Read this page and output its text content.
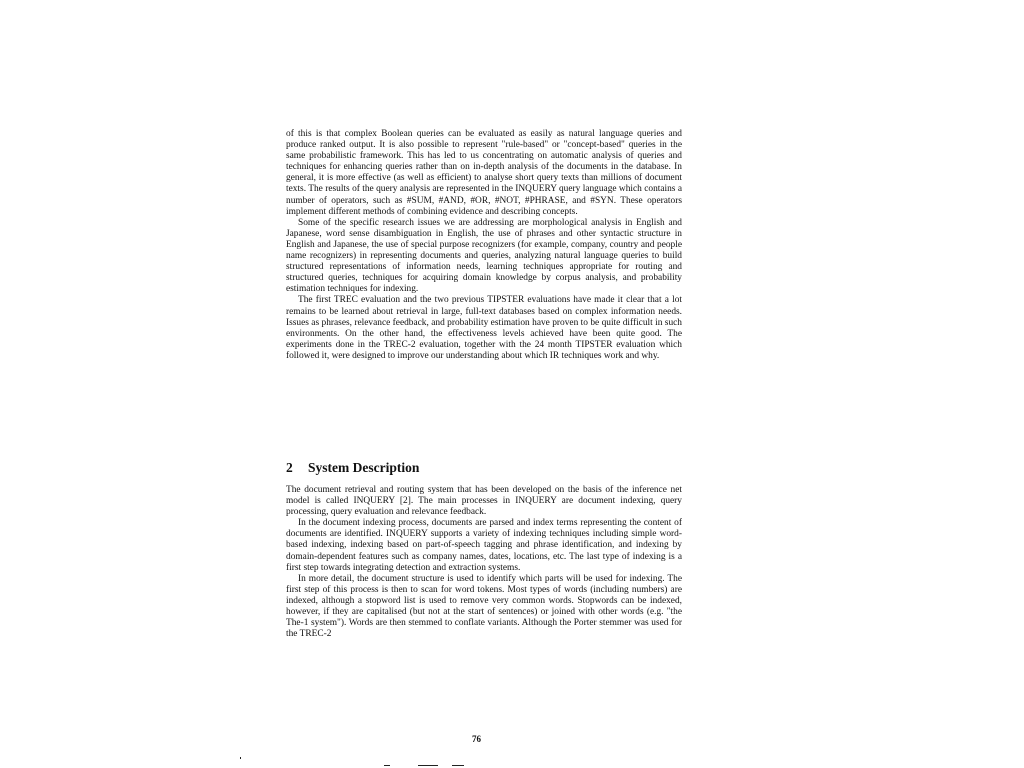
of this is that complex Boolean queries can be evaluated as easily as natural language queries and produce ranked output. It is also possible to represent "rule-based" or "concept-based" queries in the same probabilistic framework. This has led to us concentrating on automatic analysis of queries and techniques for enhancing queries rather than on in-depth analysis of the documents in the database. In general, it is more effective (as well as efficient) to analyse short query texts than millions of document texts. The results of the query analysis are represented in the INQUERY query language which contains a number of operators, such as #SUM, #AND, #OR, #NOT, #PHRASE, and #SYN. These operators implement different methods of combining evidence and describing concepts.

Some of the specific research issues we are addressing are morphological analysis in English and Japanese, word sense disambiguation in English, the use of phrases and other syntactic structure in English and Japanese, the use of special purpose recognizers (for example, company, country and people name recognizers) in representing documents and queries, analyzing natural language queries to build structured representations of information needs, learning techniques appropriate for routing and structured queries, techniques for acquiring domain knowledge by corpus analysis, and probability estimation techniques for indexing.

The first TREC evaluation and the two previous TIPSTER evaluations have made it clear that a lot remains to be learned about retrieval in large, full-text databases based on complex information needs. Issues as phrases, relevance feedback, and probability estimation have proven to be quite difficult in such environments. On the other hand, the effectiveness levels achieved have been quite good. The experiments done in the TREC-2 evaluation, together with the 24 month TIPSTER evaluation which followed it, were designed to improve our understanding about which IR techniques work and why.

2 System Description

The document retrieval and routing system that has been developed on the basis of the inference net model is called INQUERY [2]. The main processes in INQUERY are document indexing, query processing, query evaluation and relevance feedback.

In the document indexing process, documents are parsed and index terms representing the content of documents are identified. INQUERY supports a variety of indexing techniques including simple word-based indexing, indexing based on part-of-speech tagging and phrase identification, and indexing by domain-dependent features such as company names, dates, locations, etc. The last type of indexing is a first step towards integrating detection and extraction systems.

In more detail, the document structure is used to identify which parts will be used for indexing. The first step of this process is then to scan for word tokens. Most types of words (including numbers) are indexed, although a stopword list is used to remove very common words. Stopwords can be indexed, however, if they are capitalised (but not at the start of sentences) or joined with other words (e.g. "the The-1 system"). Words are then stemmed to conflate variants. Although the Porter stemmer was used for the TREC-2

76
